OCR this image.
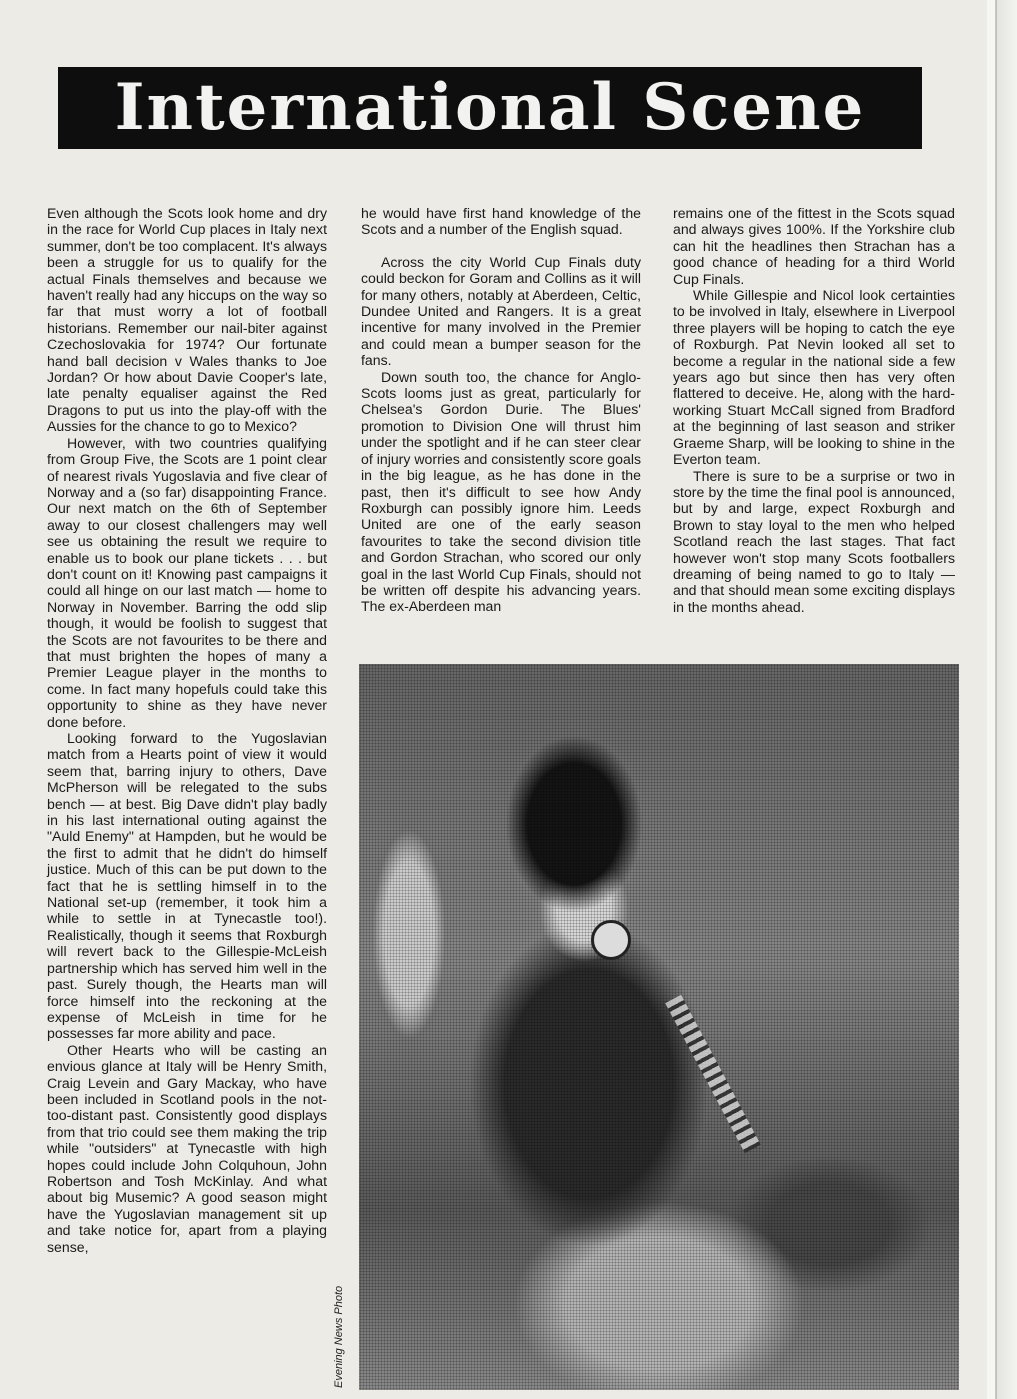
International Scene

Even although the Scots look home and dry in the race for World Cup places in Italy next summer, don't be too complacent. It's always been a struggle for us to qualify for the actual Finals themselves and because we haven't really had any hiccups on the way so far that must worry a lot of football historians. Remember our nail-biter against Czechoslovakia for 1974? Our fortunate hand ball decision v Wales thanks to Joe Jordan? Or how about Davie Cooper's late, late penalty equaliser against the Red Dragons to put us into the play-off with the Aussies for the chance to go to Mexico?

However, with two countries qualifying from Group Five, the Scots are 1 point clear of nearest rivals Yugoslavia and five clear of Norway and a (so far) disappointing France. Our next match on the 6th of September away to our closest challengers may well see us obtaining the result we require to enable us to book our plane tickets . . . but don't count on it! Knowing past campaigns it could all hinge on our last match — home to Norway in November. Barring the odd slip though, it would be foolish to suggest that the Scots are not favourites to be there and that must brighten the hopes of many a Premier League player in the months to come. In fact many hopefuls could take this opportunity to shine as they have never done before.

Looking forward to the Yugoslavian match from a Hearts point of view it would seem that, barring injury to others, Dave McPherson will be relegated to the subs bench — at best. Big Dave didn't play badly in his last international outing against the "Auld Enemy" at Hampden, but he would be the first to admit that he didn't do himself justice. Much of this can be put down to the fact that he is settling himself in to the National set-up (remember, it took him a while to settle in at Tynecastle too!). Realistically, though it seems that Roxburgh will revert back to the Gillespie-McLeish partnership which has served him well in the past. Surely though, the Hearts man will force himself into the reckoning at the expense of McLeish in time for he possesses far more ability and pace.

Other Hearts who will be casting an envious glance at Italy will be Henry Smith, Craig Levein and Gary Mackay, who have been included in Scotland pools in the not-too-distant past. Consistently good displays from that trio could see them making the trip while "outsiders" at Tynecastle with high hopes could include John Colquhoun, John Robertson and Tosh McKinlay. And what about big Musemic? A good season might have the Yugoslavian management sit up and take notice for, apart from a playing sense,

he would have first hand knowledge of the Scots and a number of the English squad.

Across the city World Cup Finals duty could beckon for Goram and Collins as it will for many others, notably at Aberdeen, Celtic, Dundee United and Rangers. It is a great incentive for many involved in the Premier and could mean a bumper season for the fans.

Down south too, the chance for Anglo-Scots looms just as great, particularly for Chelsea's Gordon Durie. The Blues' promotion to Division One will thrust him under the spotlight and if he can steer clear of injury worries and consistently score goals in the big league, as he has done in the past, then it's difficult to see how Andy Roxburgh can possibly ignore him. Leeds United are one of the early season favourites to take the second division title and Gordon Strachan, who scored our only goal in the last World Cup Finals, should not be written off despite his advancing years. The ex-Aberdeen man

remains one of the fittest in the Scots squad and always gives 100%. If the Yorkshire club can hit the headlines then Strachan has a good chance of heading for a third World Cup Finals.

While Gillespie and Nicol look certainties to be involved in Italy, elsewhere in Liverpool three players will be hoping to catch the eye of Roxburgh. Pat Nevin looked all set to become a regular in the national side a few years ago but since then has very often flattered to deceive. He, along with the hard-working Stuart McCall signed from Bradford at the beginning of last season and striker Graeme Sharp, will be looking to shine in the Everton team.

There is sure to be a surprise or two in store by the time the final pool is announced, but by and large, expect Roxburgh and Brown to stay loyal to the men who helped Scotland reach the last stages. That fact however won't stop many Scots footballers dreaming of being named to go to Italy — and that should mean some exciting displays in the months ahead.

Evening News Photo
